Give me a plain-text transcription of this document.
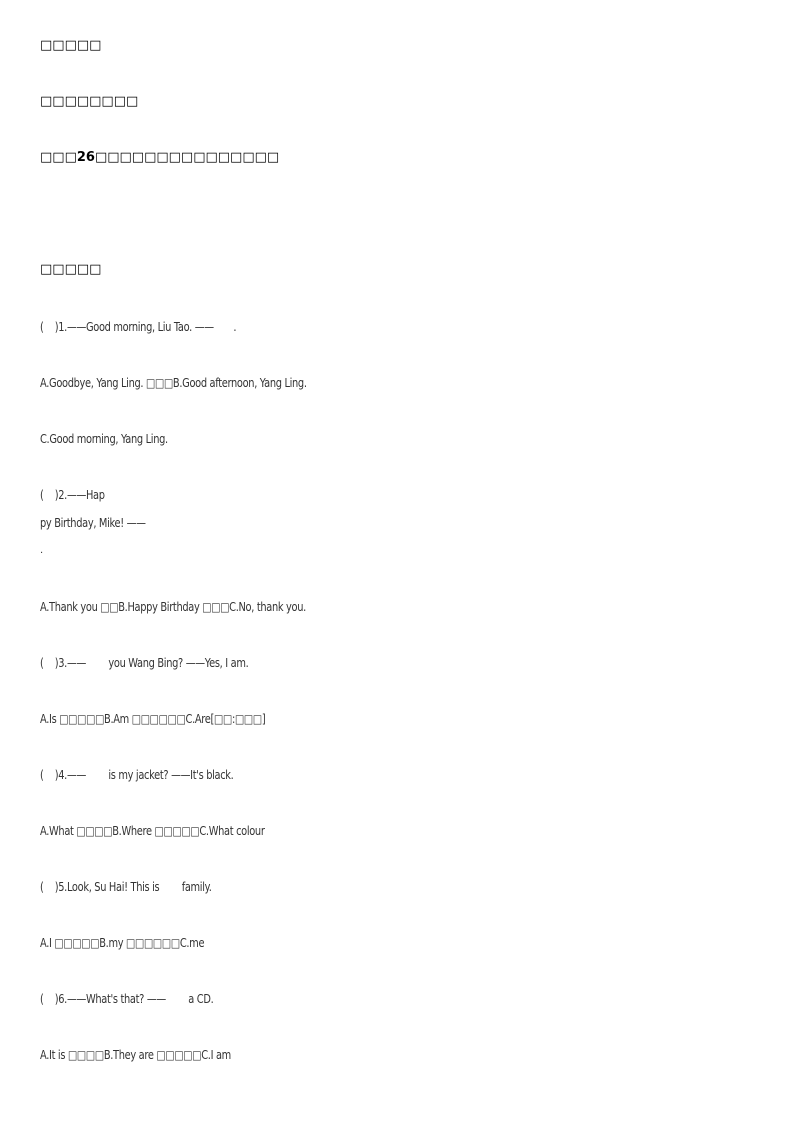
□□□□□
□□□□□□□□
□□□26□□□□□□□□□□□□□□□
□□□□□
(    )1.——Good morning, Liu Tao. ——       .
A.Goodbye, Yang Ling. □□□B.Good afternoon, Yang Ling.
C.Good morning, Yang Ling.
(    )2.——Hap
py Birthday, Mike! ——
.
A.Thank you □□B.Happy Birthday □□□C.No, thank you.
(    )3.——        you Wang Bing? ——Yes, I am.
A.Is □□□□□B.Am □□□□□□C.Are[□□:□□□]
(    )4.——        is my jacket? ——It's black.
A.What □□□□B.Where □□□□□C.What colour
(    )5.Look, Su Hai! This is        family.
A.I □□□□□B.my □□□□□□C.me
(    )6.——What's that? ——        a CD.
A.It is □□□□B.They are □□□□□C.I am
